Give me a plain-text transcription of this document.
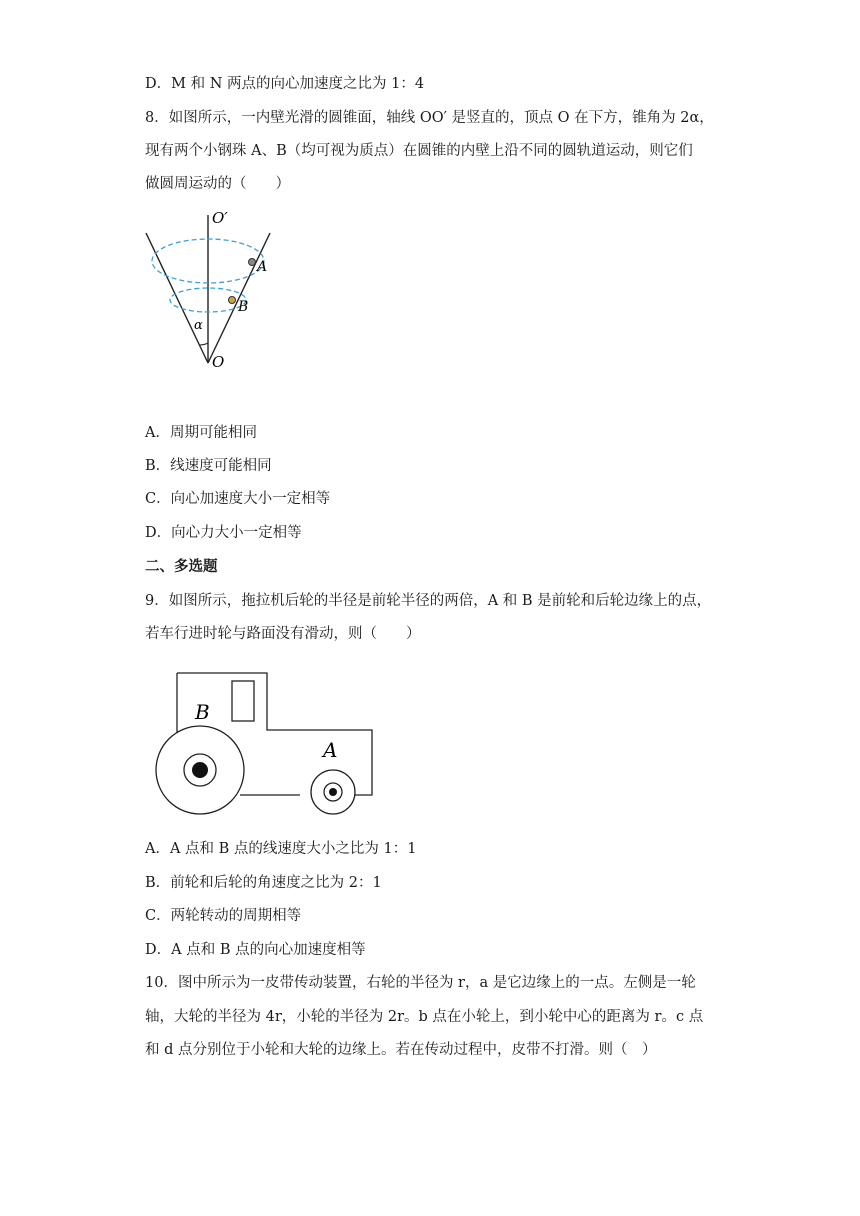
D．M 和 N 两点的向心加速度之比为 1：4
8．如图所示，一内壁光滑的圆锥面，轴线 OO′ 是竖直的，顶点 O 在下方，锥角为 2α，
现有两个小钢珠 A、B（均可视为质点）在圆锥的内壁上沿不同的圆轨道运动，则它们
做圆周运动的（　　）
O′
A
B
α
O
A．周期可能相同
B．线速度可能相同
C．向心加速度大小一定相等
D．向心力大小一定相等
二、多选题
9．如图所示，拖拉机后轮的半径是前轮半径的两倍，A 和 B 是前轮和后轮边缘上的点，
若车行进时轮与路面没有滑动，则（　　）
B
A
A．A 点和 B 点的线速度大小之比为 1：1
B．前轮和后轮的角速度之比为 2：1
C．两轮转动的周期相等
D．A 点和 B 点的向心加速度相等
10．图中所示为一皮带传动装置，右轮的半径为 r，a 是它边缘上的一点。左侧是一轮
轴，大轮的半径为 4r，小轮的半径为 2r。b 点在小轮上，到小轮中心的距离为 r。c 点
和 d 点分别位于小轮和大轮的边缘上。若在传动过程中，皮带不打滑。则（　）
